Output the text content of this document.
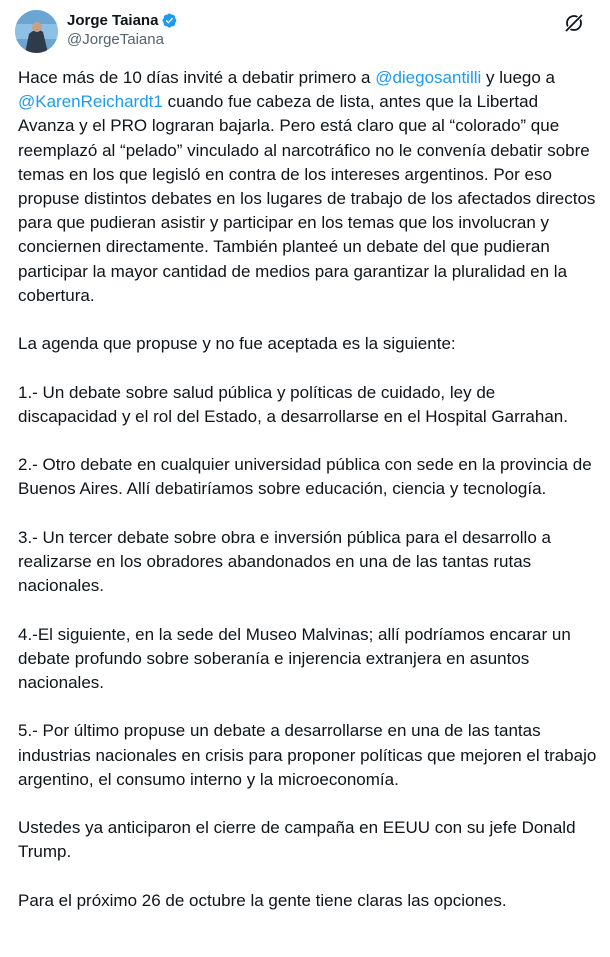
Jorge Taiana
@JorgeTaiana

Hace más de 10 días invité a debatir primero a @diegosantilli y luego a @KarenReichardt1 cuando fue cabeza de lista, antes que la Libertad Avanza y el PRO lograran bajarla. Pero está claro que al “colorado” que reemplazó al “pelado” vinculado al narcotráfico no le convenía debatir sobre temas en los que legisló en contra de los intereses argentinos. Por eso propuse distintos debates en los lugares de trabajo de los afectados directos para que pudieran asistir y participar en los temas que los involucran y conciernen directamente. También planteé un debate del que pudieran participar la mayor cantidad de medios para garantizar la pluralidad en la cobertura.

La agenda que propuse y no fue aceptada es la siguiente:

1.- Un debate sobre salud pública y políticas de cuidado, ley de discapacidad y el rol del Estado, a desarrollarse en el Hospital Garrahan.

2.- Otro debate en cualquier universidad pública con sede en la provincia de Buenos Aires. Allí debatiríamos sobre educación, ciencia y tecnología.

3.- Un tercer debate sobre obra e inversión pública para el desarrollo a realizarse en los obradores abandonados en una de las tantas rutas nacionales.

4.-El siguiente, en la sede del Museo Malvinas; allí podríamos encarar un debate profundo sobre soberanía e injerencia extranjera en asuntos nacionales.

5.- Por último propuse un debate a desarrollarse en una de las tantas industrias nacionales en crisis para proponer políticas que mejoren el trabajo argentino, el consumo interno y la microeconomía.

Ustedes ya anticiparon el cierre de campaña en EEUU con su jefe Donald Trump.

Para el próximo 26 de octubre la gente tiene claras las opciones.
